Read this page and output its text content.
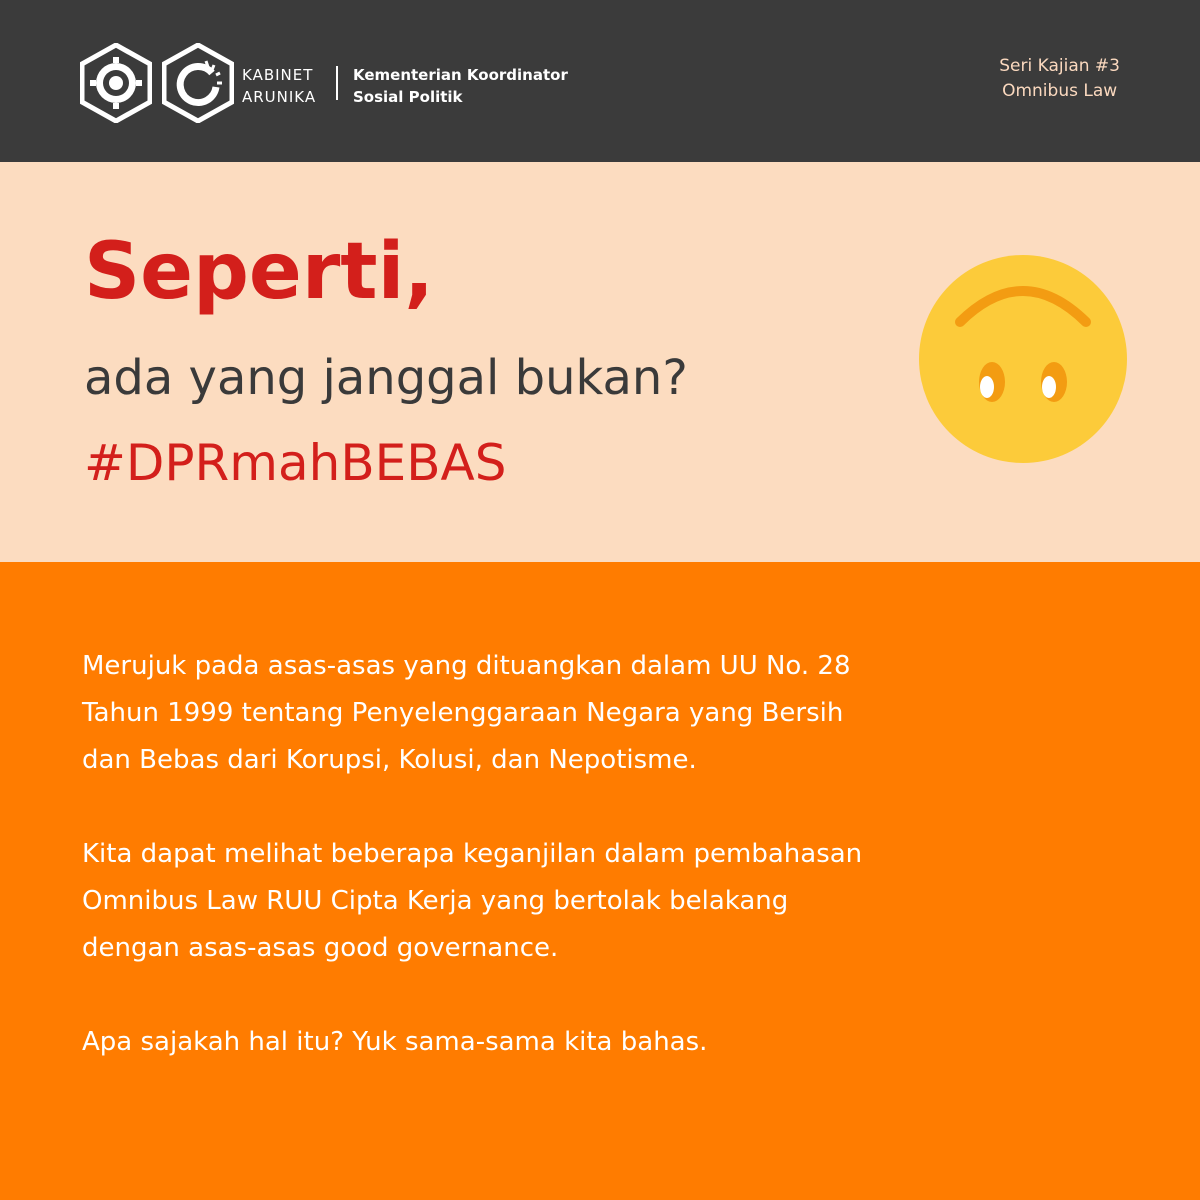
KABINET
ARUNIKA
Kementerian Koordinator
Sosial Politik
Seri Kajian #3
Omnibus Law
Seperti,
ada yang janggal bukan?
#DPRmahBEBAS

Merujuk pada asas-asas yang dituangkan dalam UU No. 28
Tahun 1999 tentang Penyelenggaraan Negara yang Bersih
dan Bebas dari Korupsi, Kolusi, dan Nepotisme.

Kita dapat melihat beberapa keganjilan dalam pembahasan
Omnibus Law RUU Cipta Kerja yang bertolak belakang
dengan asas-asas good governance.

Apa sajakah hal itu? Yuk sama-sama kita bahas.
